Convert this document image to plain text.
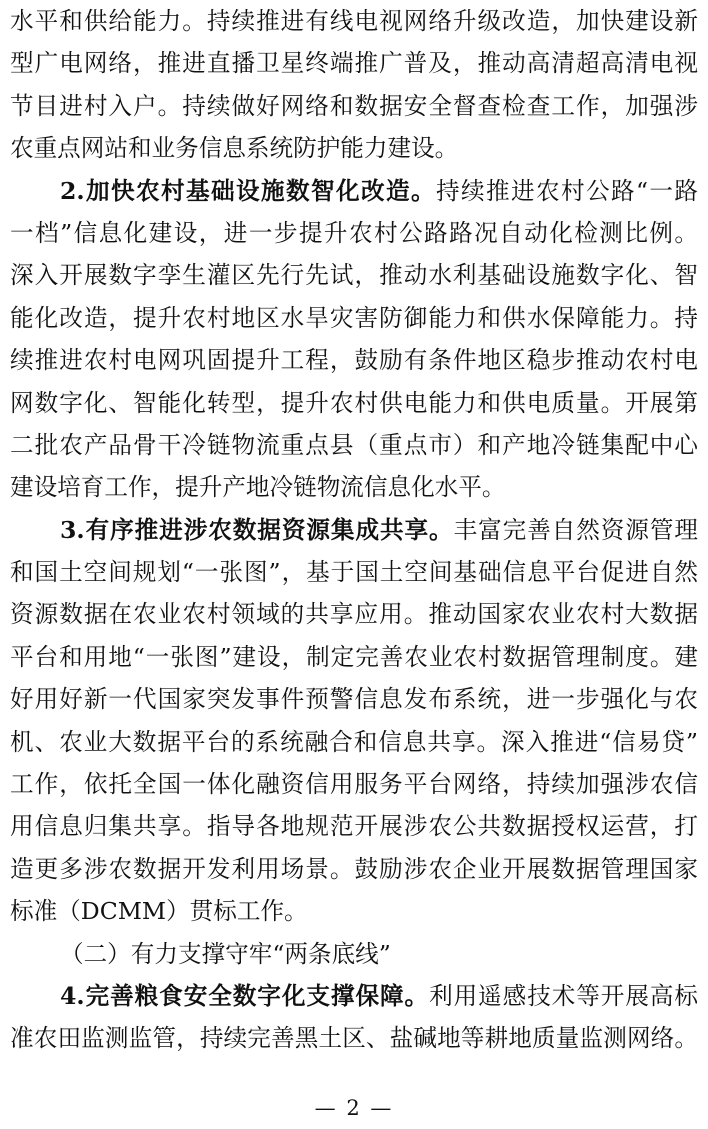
水平和供给能力。持续推进有线电视网络升级改造，加快建设新
型广电网络，推进直播卫星终端推广普及，推动高清超高清电视
节目进村入户。持续做好网络和数据安全督查检查工作，加强涉
农重点网站和业务信息系统防护能力建设。
2.加快农村基础设施数智化改造。持续推进农村公路“一路
一档”信息化建设，进一步提升农村公路路况自动化检测比例。
深入开展数字孪生灌区先行先试，推动水利基础设施数字化、智
能化改造，提升农村地区水旱灾害防御能力和供水保障能力。持
续推进农村电网巩固提升工程，鼓励有条件地区稳步推动农村电
网数字化、智能化转型，提升农村供电能力和供电质量。开展第
二批农产品骨干冷链物流重点县（重点市）和产地冷链集配中心
建设培育工作，提升产地冷链物流信息化水平。
3.有序推进涉农数据资源集成共享。丰富完善自然资源管理
和国土空间规划“一张图”，基于国土空间基础信息平台促进自然
资源数据在农业农村领域的共享应用。推动国家农业农村大数据
平台和用地“一张图”建设，制定完善农业农村数据管理制度。建
好用好新一代国家突发事件预警信息发布系统，进一步强化与农
机、农业大数据平台的系统融合和信息共享。深入推进“信易贷”
工作，依托全国一体化融资信用服务平台网络，持续加强涉农信
用信息归集共享。指导各地规范开展涉农公共数据授权运营，打
造更多涉农数据开发利用场景。鼓励涉农企业开展数据管理国家
标准（DCMM）贯标工作。
（二）有力支撑守牢“两条底线”
4.完善粮食安全数字化支撑保障。利用遥感技术等开展高标
准农田监测监管，持续完善黑土区、盐碱地等耕地质量监测网络。
— 2 —
